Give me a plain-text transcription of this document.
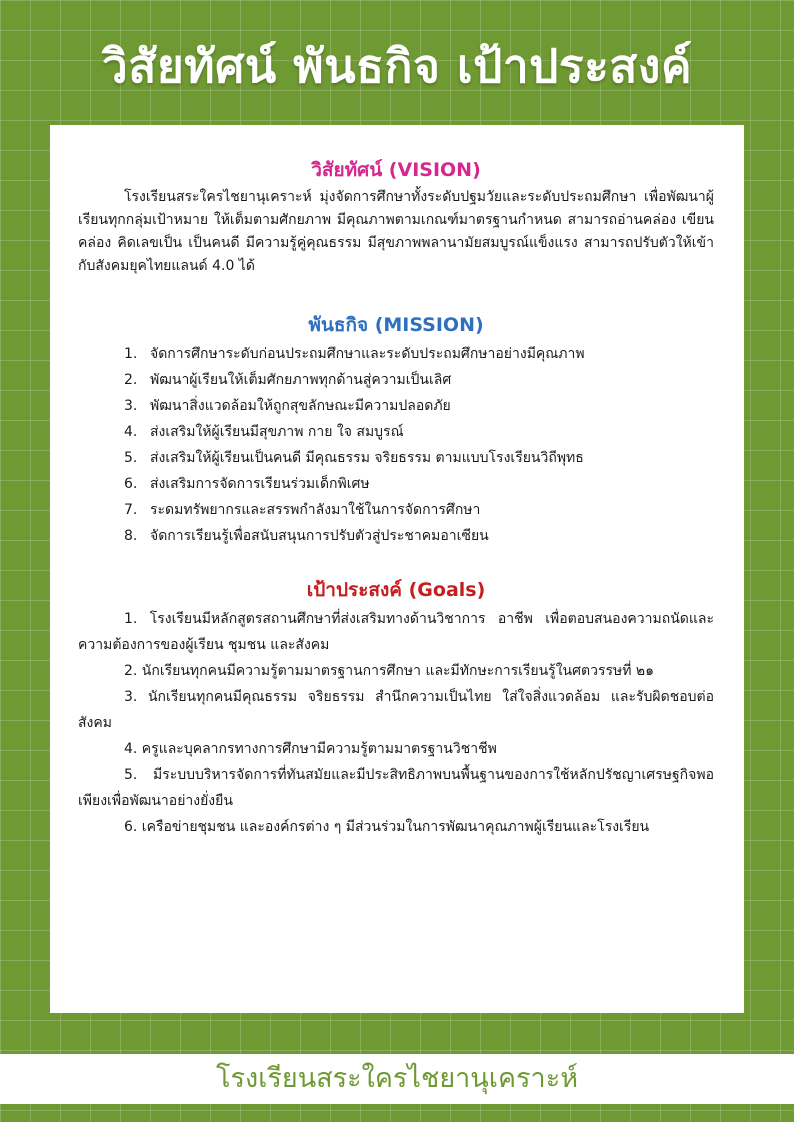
วิสัยทัศน์ พันธกิจ เป้าประสงค์
วิสัยทัศน์ (VISION)

โรงเรียนสระใครไชยานุเคราะห์ มุ่งจัดการศึกษาทั้งระดับปฐมวัยและระดับประถมศึกษา เพื่อพัฒนาผู้เรียนทุกกลุ่มเป้าหมาย ให้เต็มตามศักยภาพ มีคุณภาพตามเกณฑ์มาตรฐานกำหนด สามารถอ่านคล่อง เขียนคล่อง คิดเลขเป็น เป็นคนดี มีความรู้คู่คุณธรรม มีสุขภาพพลานามัยสมบูรณ์แข็งแรง สามารถปรับตัวให้เข้ากับสังคมยุคไทยแลนด์ 4.0 ได้

พันธกิจ (MISSION)
1. จัดการศึกษาระดับก่อนประถมศึกษาและระดับประถมศึกษาอย่างมีคุณภาพ
2. พัฒนาผู้เรียนให้เต็มศักยภาพทุกด้านสู่ความเป็นเลิศ
3. พัฒนาสิ่งแวดล้อมให้ถูกสุขลักษณะมีความปลอดภัย
4. ส่งเสริมให้ผู้เรียนมีสุขภาพ กาย ใจ สมบูรณ์
5. ส่งเสริมให้ผู้เรียนเป็นคนดี มีคุณธรรม จริยธรรม ตามแบบโรงเรียนวิถีพุทธ
6. ส่งเสริมการจัดการเรียนร่วมเด็กพิเศษ
7. ระดมทรัพยากรและสรรพกำลังมาใช้ในการจัดการศึกษา
8. จัดการเรียนรู้เพื่อสนับสนุนการปรับตัวสู่ประชาคมอาเซียน
เป้าประสงค์ (Goals)

1. โรงเรียนมีหลักสูตรสถานศึกษาที่ส่งเสริมทางด้านวิชาการ อาชีพ เพื่อตอบสนองความถนัดและความต้องการของผู้เรียน ชุมชน และสังคม

2. นักเรียนทุกคนมีความรู้ตามมาตรฐานการศึกษา และมีทักษะการเรียนรู้ในศตวรรษที่ ๒๑

3. นักเรียนทุกคนมีคุณธรรม จริยธรรม สำนึกความเป็นไทย ใส่ใจสิ่งแวดล้อม และรับผิดชอบต่อสังคม

4. ครูและบุคลากรทางการศึกษามีความรู้ตามมาตรฐานวิชาชีพ

5. มีระบบบริหารจัดการที่ทันสมัยและมีประสิทธิภาพบนพื้นฐานของการใช้หลักปรัชญาเศรษฐกิจพอเพียงเพื่อพัฒนาอย่างยั่งยืน

6. เครือข่ายชุมชน และองค์กรต่าง ๆ มีส่วนร่วมในการพัฒนาคุณภาพผู้เรียนและโรงเรียน

โรงเรียนสระใครไชยานุเคราะห์
